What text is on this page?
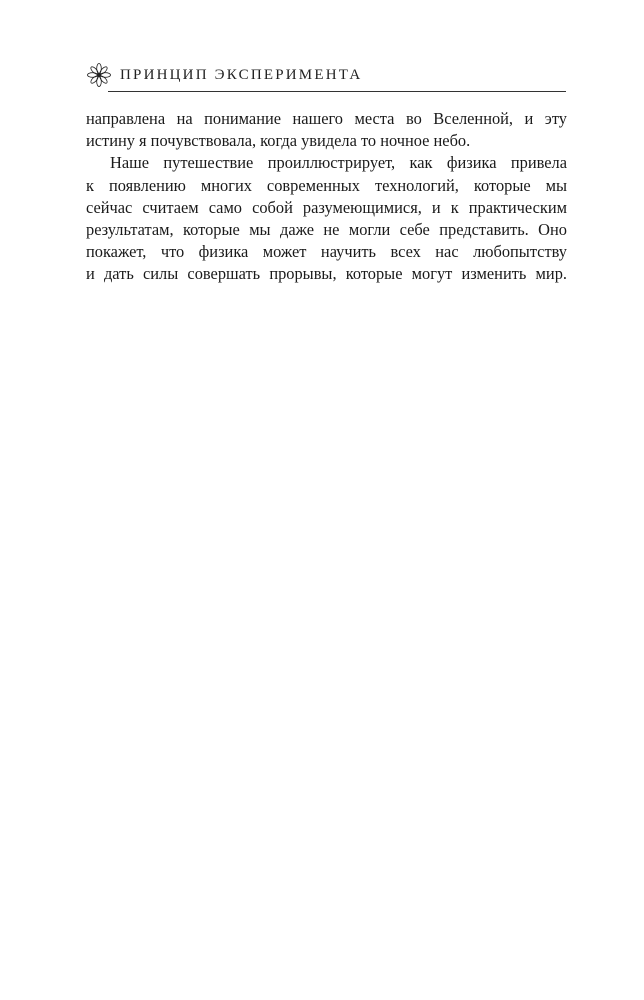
ПРИНЦИП ЭКСПЕРИМЕНТА
направлена на понимание нашего места во Вселенной, и эту
истину я почувствовала, когда увидела то ночное небо.
Наше путешествие проиллюстрирует, как физика привела
к появлению многих современных технологий, которые мы
сейчас считаем само собой разумеющимися, и к практическим
результатам, которые мы даже не могли себе представить. Оно
покажет, что физика может научить всех нас любопытству
и дать силы совершать прорывы, которые могут изменить мир.
